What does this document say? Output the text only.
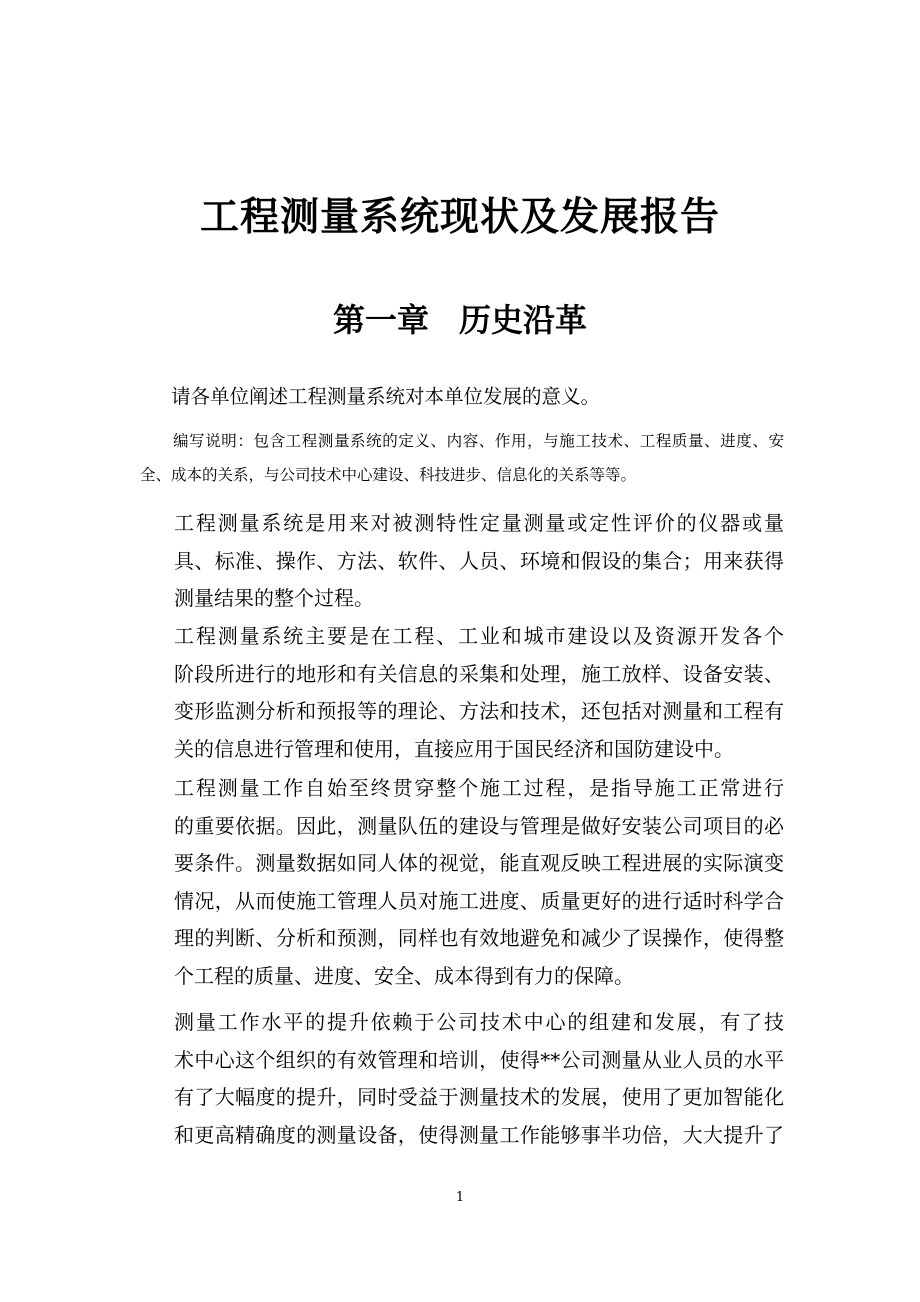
工程测量系统现状及发展报告
第一章 历史沿革

请各单位阐述工程测量系统对本单位发展的意义。

编写说明：包含工程测量系统的定义、内容、作用，与施工技术、工程质量、进度、安全、成本的关系，与公司技术中心建设、科技进步、信息化的关系等等。

工程测量系统是用来对被测特性定量测量或定性评价的仪器或量
具、标准、操作、方法、软件、人员、环境和假设的集合；用来获得
测量结果的整个过程。

工程测量系统主要是在工程、工业和城市建设以及资源开发各个
阶段所进行的地形和有关信息的采集和处理，施工放样、设备安装、
变形监测分析和预报等的理论、方法和技术，还包括对测量和工程有
关的信息进行管理和使用，直接应用于国民经济和国防建设中。

工程测量工作自始至终贯穿整个施工过程，是指导施工正常进行
的重要依据。因此，测量队伍的建设与管理是做好安装公司项目的必
要条件。测量数据如同人体的视觉，能直观反映工程进展的实际演变
情况，从而使施工管理人员对施工进度、质量更好的进行适时科学合
理的判断、分析和预测，同样也有效地避免和减少了误操作，使得整
个工程的质量、进度、安全、成本得到有力的保障。

测量工作水平的提升依赖于公司技术中心的组建和发展，有了技
术中心这个组织的有效管理和培训，使得**公司测量从业人员的水平
有了大幅度的提升，同时受益于测量技术的发展，使用了更加智能化
和更高精确度的测量设备，使得测量工作能够事半功倍，大大提升了

1
